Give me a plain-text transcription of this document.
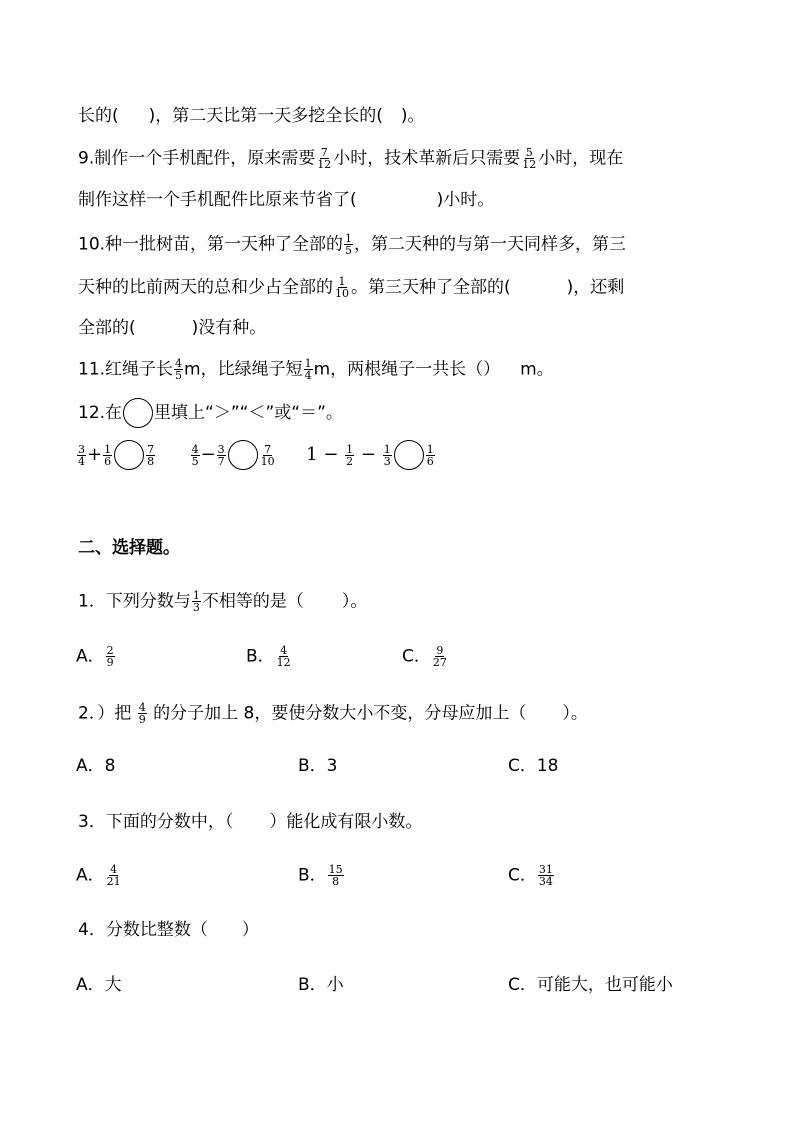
长的( )，第二天比第一天多挖全长的( )。
9.制作一个手机配件，原来需要 $\frac{7}{12}$ 小时，技术革新后只需要 $\frac{5}{12}$ 小时，现在
制作这样一个手机配件比原来节省了(	)小时。
10.种一批树苗，第一天种了全部的 $\frac{1}{5}$ ，第二天种的与第一天同样多，第三
天种的比前两天的总和少占全部的 $\frac{1}{10}$ 。第三天种了全部的(	)，还剩
全部的(	)没有种。
11.红绳子长 $\frac{4}{5}$ m，比绿绳子短 $\frac{1}{4}$ m，两根绳子一共长（） m。
12.在 里填上“＞”“＜”或“＝”。
$\frac{3}{4} + \frac{1}{6}$	$\frac{7}{8}$
	$\frac{4}{5} - \frac{3}{7}$	$\frac{7}{10} 1 - \frac{1}{2} - \frac{1}{3}$	$\frac{1}{6}$
二、选择题。
1．下列分数与 $\frac{1}{3}$ 不相等的是（ ）。
A． $\frac{2}{9}$	B． $\frac{4}{12}$	C． $\frac{9}{27}$
2．）把 $\frac{4}{9}$ 的分子加上 8，要使分数大小不变，分母应加上（ ）。
A．8	B．3	C．18
3．下面的分数中，（ ）能化成有限小数。
A． $\frac{4}{21}$	B． $\frac{15}{8}$	C． $\frac{31}{34}$
4．分数比整数（ ）
A．大	B．小	C．可能大，也可能小
